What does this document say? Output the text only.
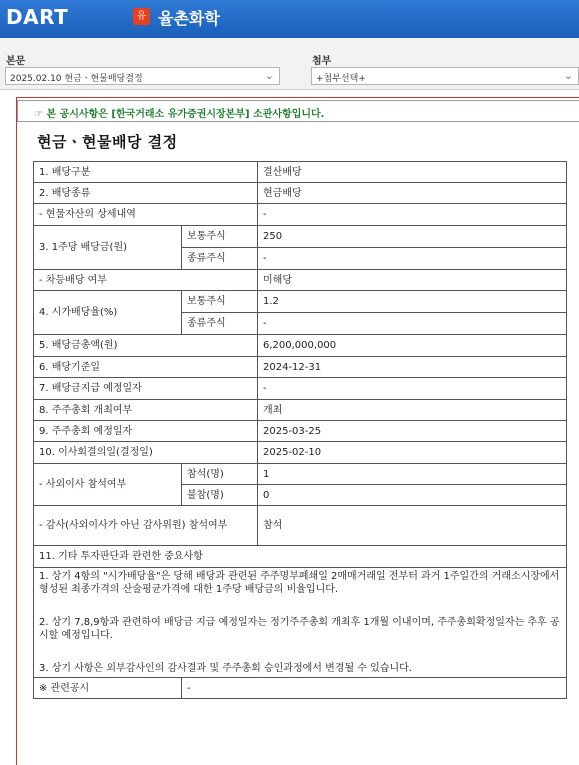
DART	유 율촌화학
본문
2025.02.10 현금ㆍ현물배당결정	⌄
첨부
+첨부선택+	⌄
☞ 본 공시사항은 [한국거래소 유가증권시장본부] 소관사항입니다.
현금ㆍ현물배당 결정
1. 배당구분		결산배당
2. 배당종류		현금배당
- 현물자산의 상세내역		-
3. 1주당 배당금(원)	보통주식	250
	종류주식	-
- 차등배당 여부		미해당
4. 시가배당율(%)	보통주식	1.2
	종류주식	-
5. 배당금총액(원)		6,200,000,000
6. 배당기준일		2024-12-31
7. 배당금지급 예정일자		-
8. 주주총회 개최여부		개최
9. 주주총회 예정일자		2025-03-25
10. 이사회결의일(결정일)		2025-02-10
- 사외이사 참석여부	참석(명)	1
	불참(명)	0
- 감사(사외이사가 아닌 감사위원) 참석여부		참석
11. 기타 투자판단과 관련한 중요사항		

1. 상기 4항의 "시가배당율"은 당해 배당과 관련된 주주명부폐쇄일 2매매거래일 전부터 과거 1주일간의 거래소시장에서 형성된 최종가격의 산술평균가격에 대한 1주당 배당금의 비율입니다.
2. 상기 7,8,9항과 관련하여 배당금 지급 예정일자는 정기주주총회 개최후 1개월 이내이며, 주주총회확정일자는 추후 공시할 예정입니다.
3. 상기 사항은 외부감사인의 감사결과 및 주주총회 승인과정에서 변경될 수 있습니다.		

※ 관련공시	-	
